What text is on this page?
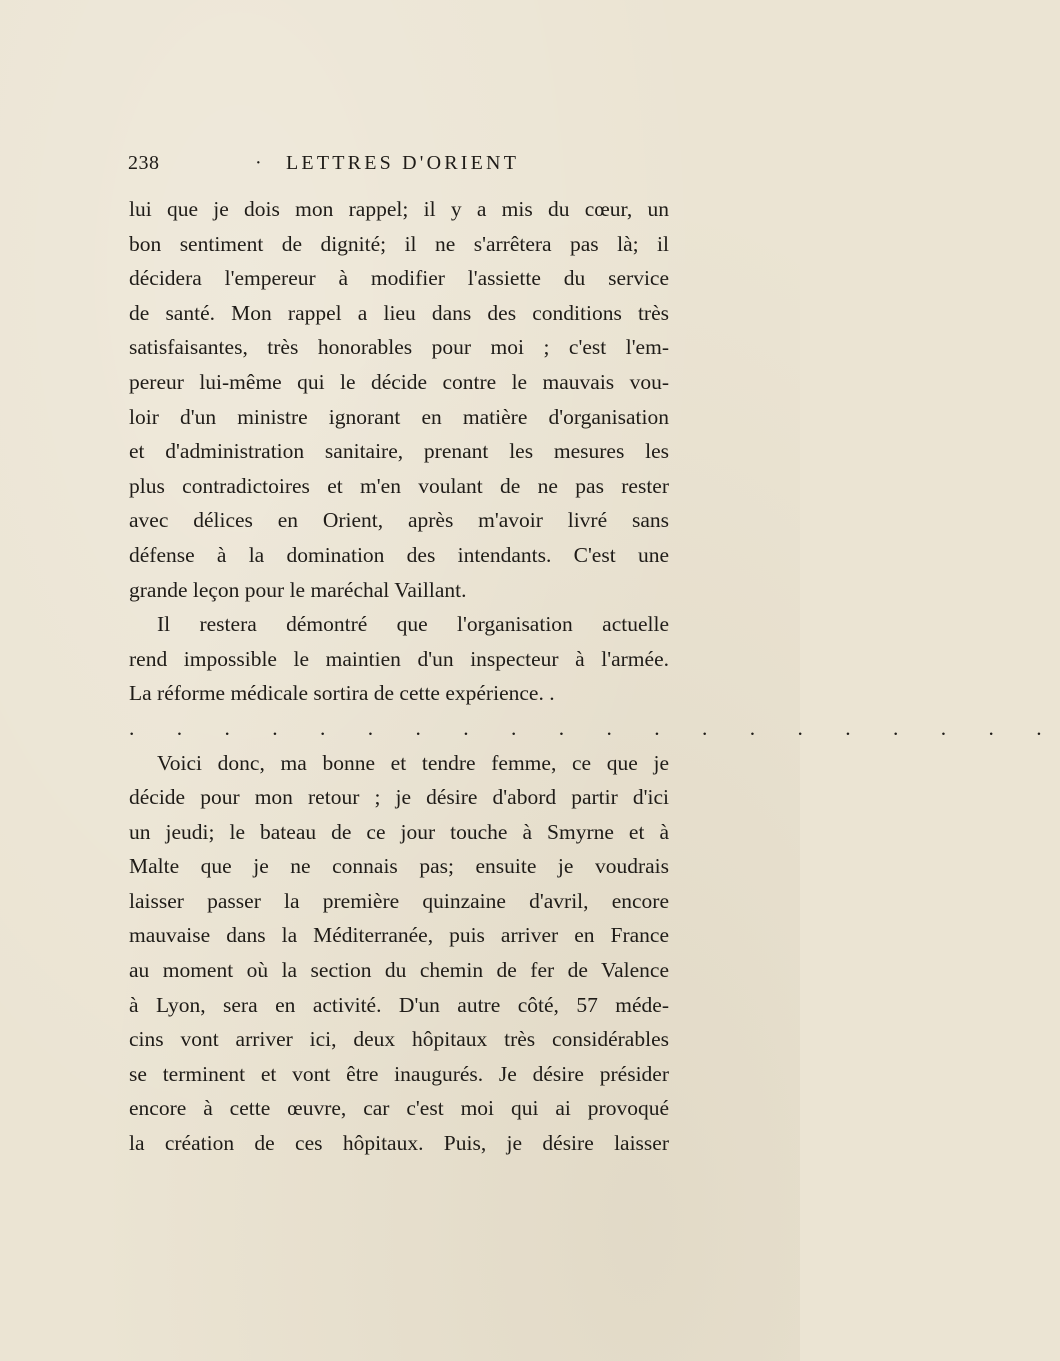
238	· LETTRES D'ORIENT
lui que je dois mon rappel; il y a mis du cœur, un
bon sentiment de dignité; il ne s'arrêtera pas là; il
décidera l'empereur à modifier l'assiette du service
de santé. Mon rappel a lieu dans des conditions très
satisfaisantes, très honorables pour moi ; c'est l'em-
pereur lui-même qui le décide contre le mauvais vou-
loir d'un ministre ignorant en matière d'organisation
et d'administration sanitaire, prenant les mesures les
plus contradictoires et m'en voulant de ne pas rester
avec délices en Orient, après m'avoir livré sans
défense à la domination des intendants. C'est une
grande leçon pour le maréchal Vaillant.
Il restera démontré que l'organisation actuelle
rend impossible le maintien d'un inspecteur à l'armée.
La réforme médicale sortira de cette expérience. .
. . . . . . . . . . . . . . . . . . . .
Voici donc, ma bonne et tendre femme, ce que je
décide pour mon retour ; je désire d'abord partir d'ici
un jeudi; le bateau de ce jour touche à Smyrne et à
Malte que je ne connais pas; ensuite je voudrais
laisser passer la première quinzaine d'avril, encore
mauvaise dans la Méditerranée, puis arriver en France
au moment où la section du chemin de fer de Valence
à Lyon, sera en activité. D'un autre côté, 57 méde-
cins vont arriver ici, deux hôpitaux très considérables
se terminent et vont être inaugurés. Je désire présider
encore à cette œuvre, car c'est moi qui ai provoqué
la création de ces hôpitaux. Puis, je désire laisser
